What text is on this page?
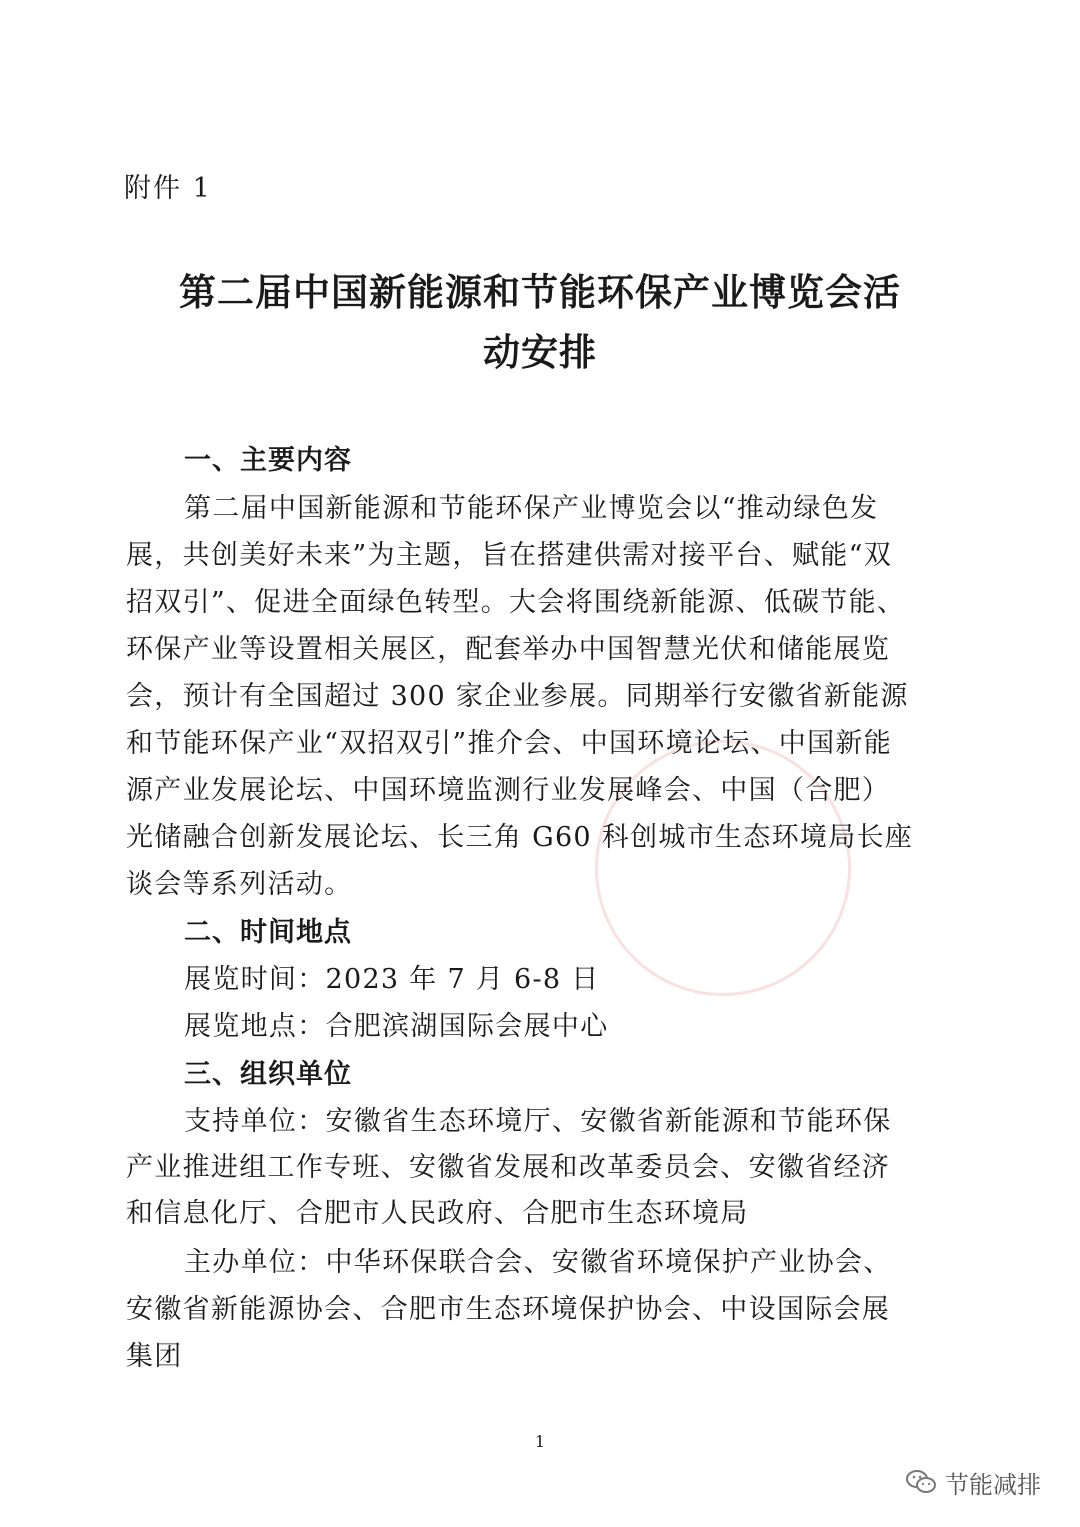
附件 1
第二届中国新能源和节能环保产业博览会活
动安排
一、主要内容
第二届中国新能源和节能环保产业博览会以“推动绿色发
展，共创美好未来”为主题，旨在搭建供需对接平台、赋能“双
招双引”、促进全面绿色转型。大会将围绕新能源、低碳节能、
环保产业等设置相关展区，配套举办中国智慧光伏和储能展览
会，预计有全国超过 300 家企业参展。同期举行安徽省新能源
和节能环保产业“双招双引”推介会、中国环境论坛、中国新能
源产业发展论坛、中国环境监测行业发展峰会、中国（合肥）
光储融合创新发展论坛、长三角 G60 科创城市生态环境局长座
谈会等系列活动。
二、时间地点
展览时间：2023 年 7 月 6-8 日
展览地点：合肥滨湖国际会展中心
三、组织单位
支持单位：安徽省生态环境厅、安徽省新能源和节能环保
产业推进组工作专班、安徽省发展和改革委员会、安徽省经济
和信息化厅、合肥市人民政府、合肥市生态环境局
主办单位：中华环保联合会、安徽省环境保护产业协会、
安徽省新能源协会、合肥市生态环境保护协会、中设国际会展
集团
1
节能减排
